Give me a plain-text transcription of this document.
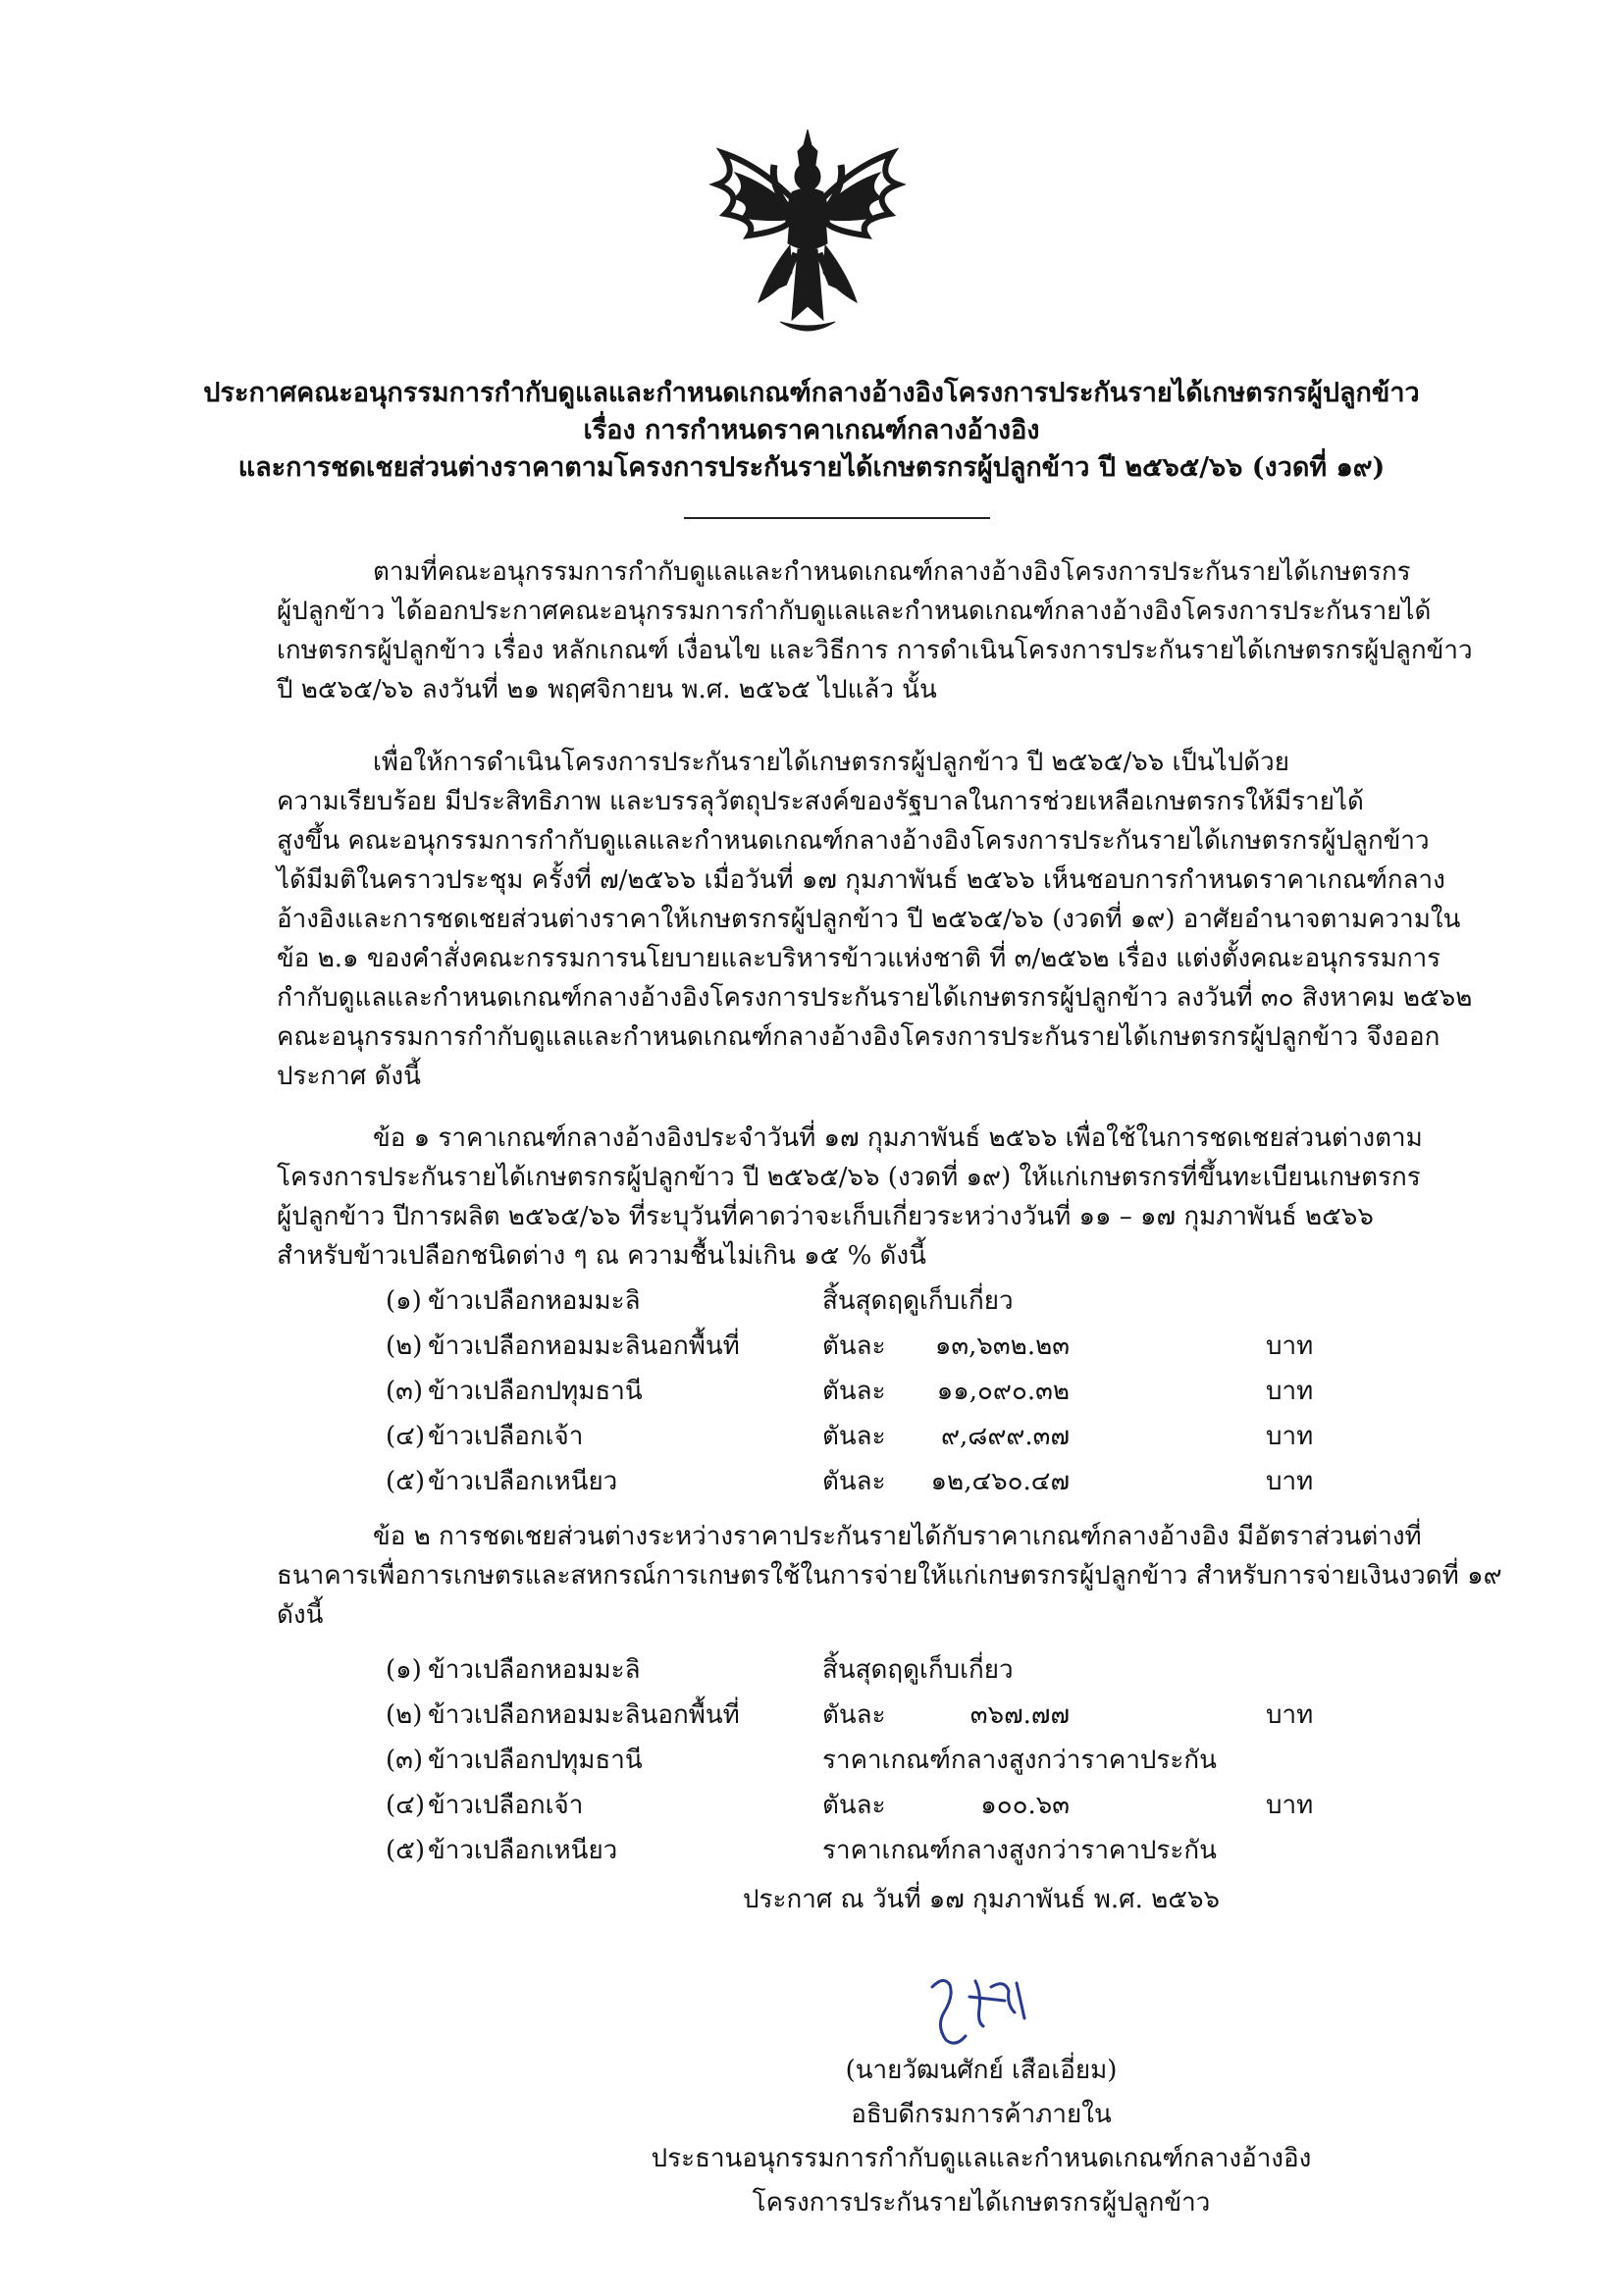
ประกาศคณะอนุกรรมการกำกับดูแลและกำหนดเกณฑ์กลางอ้างอิงโครงการประกันรายได้เกษตรกรผู้ปลูกข้าว
เรื่อง การกำหนดราคาเกณฑ์กลางอ้างอิง
และการชดเชยส่วนต่างราคาตามโครงการประกันรายได้เกษตรกรผู้ปลูกข้าว ปี ๒๕๖๕/๖๖ (งวดที่ ๑๙)
ตามที่คณะอนุกรรมการกำกับดูแลและกำหนดเกณฑ์กลางอ้างอิงโครงการประกันรายได้เกษตรกร
ผู้ปลูกข้าว ได้ออกประกาศคณะอนุกรรมการกำกับดูแลและกำหนดเกณฑ์กลางอ้างอิงโครงการประกันรายได้
เกษตรกรผู้ปลูกข้าว เรื่อง หลักเกณฑ์ เงื่อนไข และวิธีการ การดำเนินโครงการประกันรายได้เกษตรกรผู้ปลูกข้าว
ปี ๒๕๖๕/๖๖ ลงวันที่ ๒๑ พฤศจิกายน พ.ศ. ๒๕๖๕ ไปแล้ว นั้น
เพื่อให้การดำเนินโครงการประกันรายได้เกษตรกรผู้ปลูกข้าว ปี ๒๕๖๕/๖๖ เป็นไปด้วย
ความเรียบร้อย มีประสิทธิภาพ และบรรลุวัตถุประสงค์ของรัฐบาลในการช่วยเหลือเกษตรกรให้มีรายได้
สูงขึ้น คณะอนุกรรมการกำกับดูแลและกำหนดเกณฑ์กลางอ้างอิงโครงการประกันรายได้เกษตรกรผู้ปลูกข้าว
ได้มีมติในคราวประชุม ครั้งที่ ๗/๒๕๖๖ เมื่อวันที่ ๑๗ กุมภาพันธ์ ๒๕๖๖ เห็นชอบการกำหนดราคาเกณฑ์กลาง
อ้างอิงและการชดเชยส่วนต่างราคาให้เกษตรกรผู้ปลูกข้าว ปี ๒๕๖๕/๖๖ (งวดที่ ๑๙) อาศัยอำนาจตามความใน
ข้อ ๒.๑ ของคำสั่งคณะกรรมการนโยบายและบริหารข้าวแห่งชาติ ที่ ๓/๒๕๖๒ เรื่อง แต่งตั้งคณะอนุกรรมการ
กำกับดูแลและกำหนดเกณฑ์กลางอ้างอิงโครงการประกันรายได้เกษตรกรผู้ปลูกข้าว ลงวันที่ ๓๐ สิงหาคม ๒๕๖๒
คณะอนุกรรมการกำกับดูแลและกำหนดเกณฑ์กลางอ้างอิงโครงการประกันรายได้เกษตรกรผู้ปลูกข้าว จึงออก
ประกาศ ดังนี้
ข้อ ๑ ราคาเกณฑ์กลางอ้างอิงประจำวันที่ ๑๗ กุมภาพันธ์ ๒๕๖๖ เพื่อใช้ในการชดเชยส่วนต่างตาม
โครงการประกันรายได้เกษตรกรผู้ปลูกข้าว ปี ๒๕๖๕/๖๖ (งวดที่ ๑๙) ให้แก่เกษตรกรที่ขึ้นทะเบียนเกษตรกร
ผู้ปลูกข้าว ปีการผลิต ๒๕๖๕/๖๖ ที่ระบุวันที่คาดว่าจะเก็บเกี่ยวระหว่างวันที่ ๑๑ – ๑๗ กุมภาพันธ์ ๒๕๖๖
สำหรับข้าวเปลือกชนิดต่าง ๆ ณ ความชื้นไม่เกิน ๑๕ % ดังนี้
(๑) ข้าวเปลือกหอมมะลิ	สิ้นสุดฤดูเก็บเกี่ยว
(๒) ข้าวเปลือกหอมมะลินอกพื้นที่	ตันละ	๑๓,๖๓๒.๒๓	บาท
(๓) ข้าวเปลือกปทุมธานี	ตันละ	๑๑,๐๙๐.๓๒	บาท
(๔) ข้าวเปลือกเจ้า	ตันละ	๙,๘๙๙.๓๗	บาท
(๕) ข้าวเปลือกเหนียว	ตันละ	๑๒,๔๖๐.๔๗	บาท
ข้อ ๒ การชดเชยส่วนต่างระหว่างราคาประกันรายได้กับราคาเกณฑ์กลางอ้างอิง มีอัตราส่วนต่างที่
ธนาคารเพื่อการเกษตรและสหกรณ์การเกษตรใช้ในการจ่ายให้แก่เกษตรกรผู้ปลูกข้าว สำหรับการจ่ายเงินงวดที่ ๑๙
ดังนี้
(๑) ข้าวเปลือกหอมมะลิ	สิ้นสุดฤดูเก็บเกี่ยว
(๒) ข้าวเปลือกหอมมะลินอกพื้นที่	ตันละ	๓๖๗.๗๗	บาท
(๓) ข้าวเปลือกปทุมธานี	ราคาเกณฑ์กลางสูงกว่าราคาประกัน
(๔) ข้าวเปลือกเจ้า	ตันละ	๑๐๐.๖๓	บาท
(๕) ข้าวเปลือกเหนียว	ราคาเกณฑ์กลางสูงกว่าราคาประกัน
ประกาศ ณ วันที่ ๑๗ กุมภาพันธ์ พ.ศ. ๒๕๖๖
(นายวัฒนศักย์ เสือเอี่ยม)
อธิบดีกรมการค้าภายใน
ประธานอนุกรรมการกำกับดูแลและกำหนดเกณฑ์กลางอ้างอิง
โครงการประกันรายได้เกษตรกรผู้ปลูกข้าว
